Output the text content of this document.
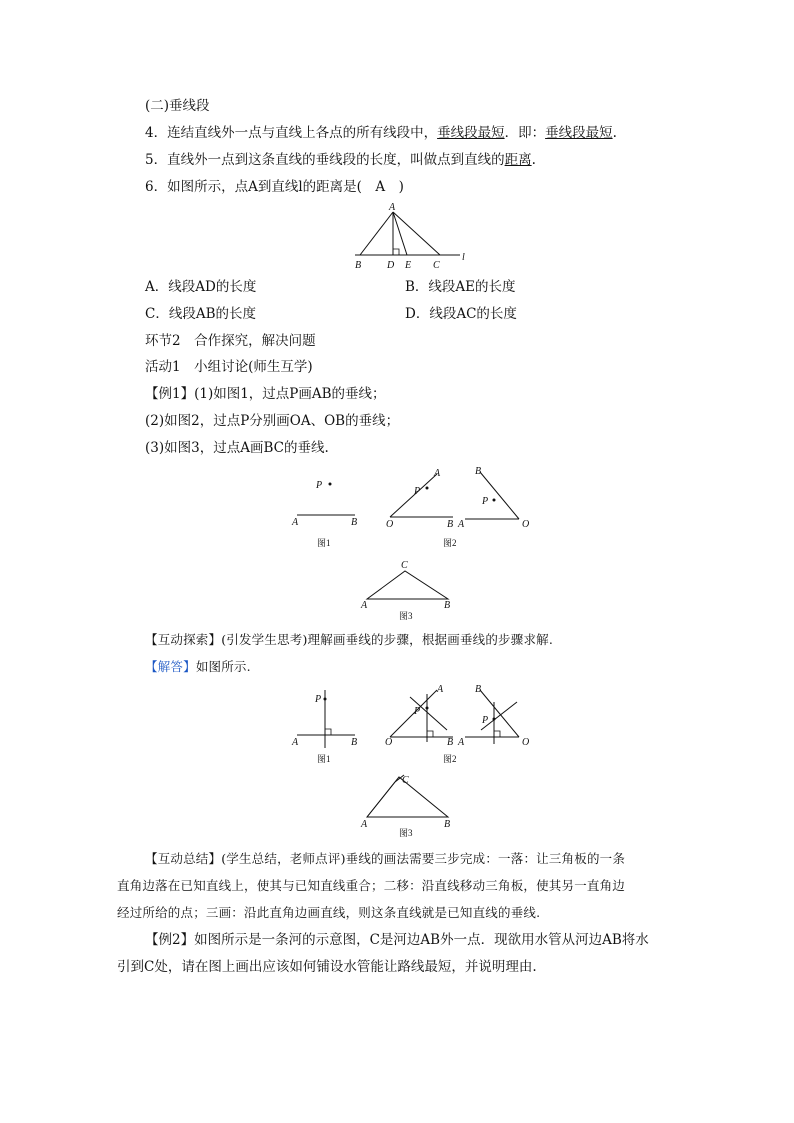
(二)垂线段
4．连结直线外一点与直线上各点的所有线段中，垂线段最短．即：垂线段最短.
5．直线外一点到这条直线的垂线段的长度，叫做点到直线的距离.
6．如图所示，点A到直线l的距离是(　A　)
A
B	D E C
l
A．线段AD的长度	B．线段AE的长度
C．线段AB的长度	D．线段AC的长度
环节2　合作探究，解决问题
活动1　小组讨论(师生互学)
【例1】(1)如图1，过点P画AB的垂线；
(2)如图2，过点P分别画OA、OB的垂线；
(3)如图3，过点A画BC的垂线.
P
A	B
图1
P
A
O	B
图2
P
B
A	O
C
A	B
图3
【互动探索】(引发学生思考)理解画垂线的步骤，根据画垂线的步骤求解.
【解答】如图所示.
P
A	B
图1
P
A
O	B
图2
P
B
A	O
C
A	B
图3
【互动总结】(学生总结，老师点评)垂线的画法需要三步完成：一落：让三角板的一条
直角边落在已知直线上，使其与已知直线重合；二移：沿直线移动三角板，使其另一直角边
经过所给的点；三画：沿此直角边画直线，则这条直线就是已知直线的垂线.
【例2】如图所示是一条河的示意图，C是河边AB外一点．现欲用水管从河边AB将水
引到C处，请在图上画出应该如何铺设水管能让路线最短，并说明理由.
